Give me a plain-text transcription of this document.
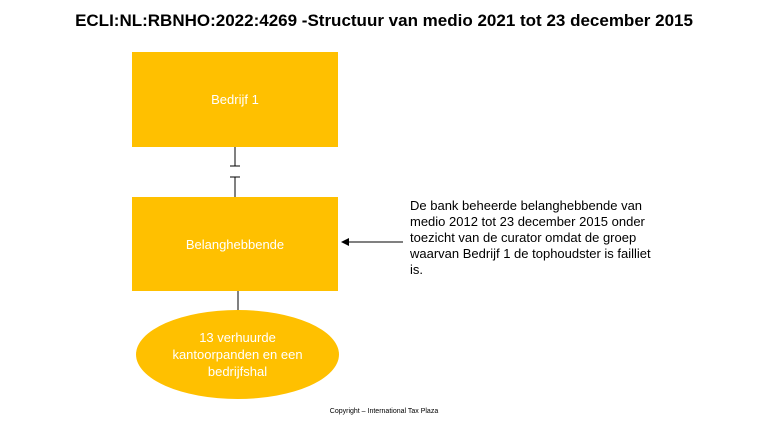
ECLI:NL:RBNHO:2022:4269 -Structuur van medio 2021 tot 23 december 2015
Bedrijf 1
Belanghebbende
13 verhuurde kantoorpanden en een bedrijfshal
De bank beheerde belanghebbende van medio 2012 tot 23 december 2015 onder toezicht van de curator omdat de groep waarvan Bedrijf 1 de tophoudster is failliet is.
Copyright – International Tax Plaza
